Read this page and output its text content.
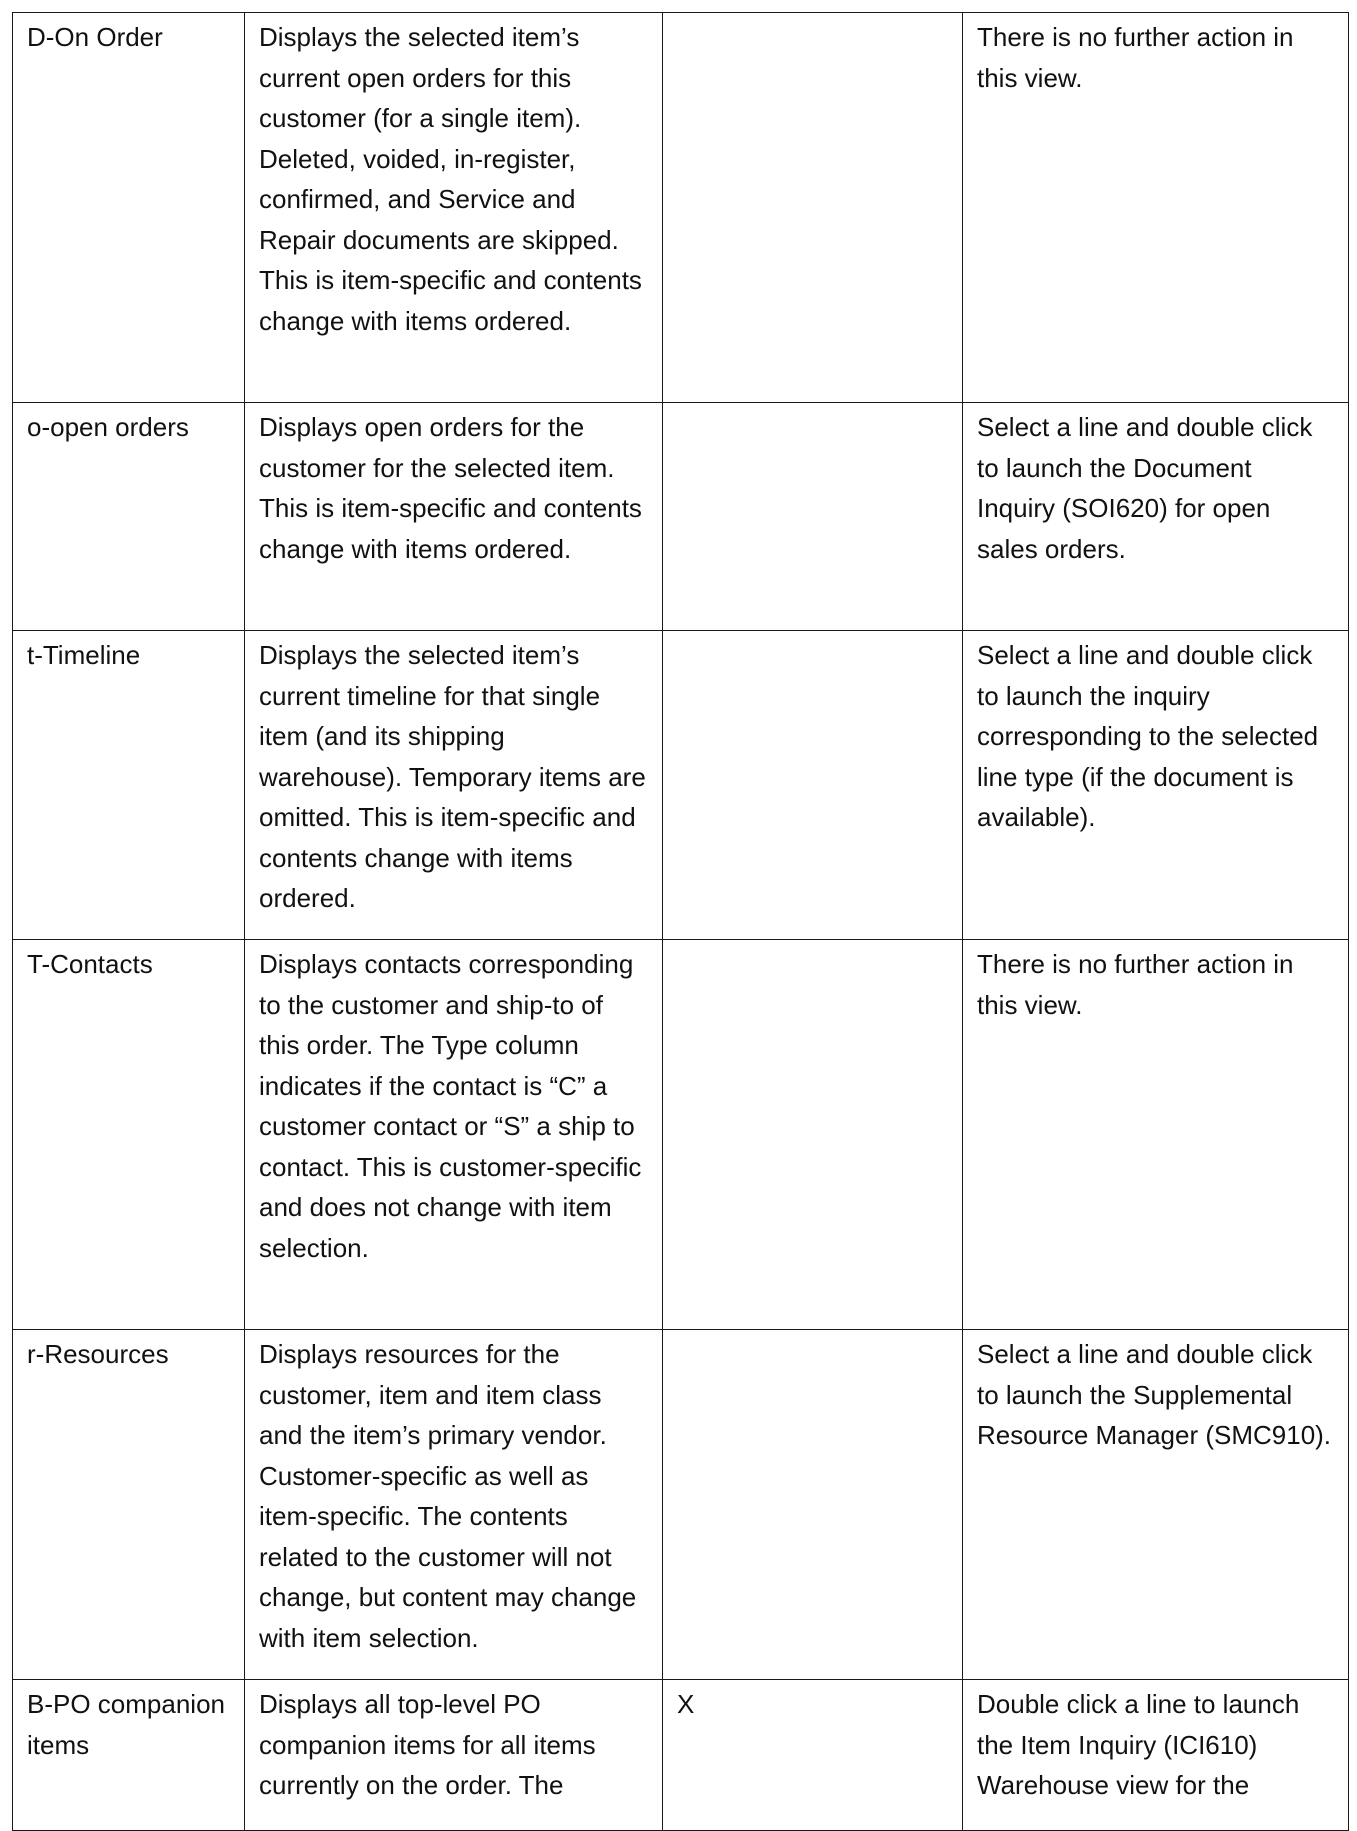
D-On Order	Displays the selected item’s current open orders for this customer (for a single item). Deleted, voided, in-register, confirmed, and Service and Repair documents are skipped. This is item-specific and contents change with items ordered.		There is no further action in this view.

o-open orders	Displays open orders for the customer for the selected item. This is item-specific and contents change with items ordered.		Select a line and double click to launch the Document Inquiry (SOI620) for open sales orders.

t-Timeline	Displays the selected item’s current timeline for that single item (and its shipping warehouse). Temporary items are omitted. This is item-specific and contents change with items ordered.		Select a line and double click to launch the inquiry corresponding to the selected line type (if the document is available).

T-Contacts	Displays contacts corresponding to the customer and ship-to of this order. The Type column indicates if the contact is “C” a customer contact or “S” a ship to contact. This is customer-specific and does not change with item selection.		There is no further action in this view.

r-Resources	Displays resources for the customer, item and item class and the item’s primary vendor. Customer-specific as well as item-specific. The contents related to the customer will not change, but content may change with item selection.		Select a line and double click to launch the Supplemental Resource Manager (SMC910).

B-PO companion items	Displays all top-level PO companion items for all items currently on the order. The	X	Double click a line to launch the Item Inquiry (ICI610) Warehouse view for the
